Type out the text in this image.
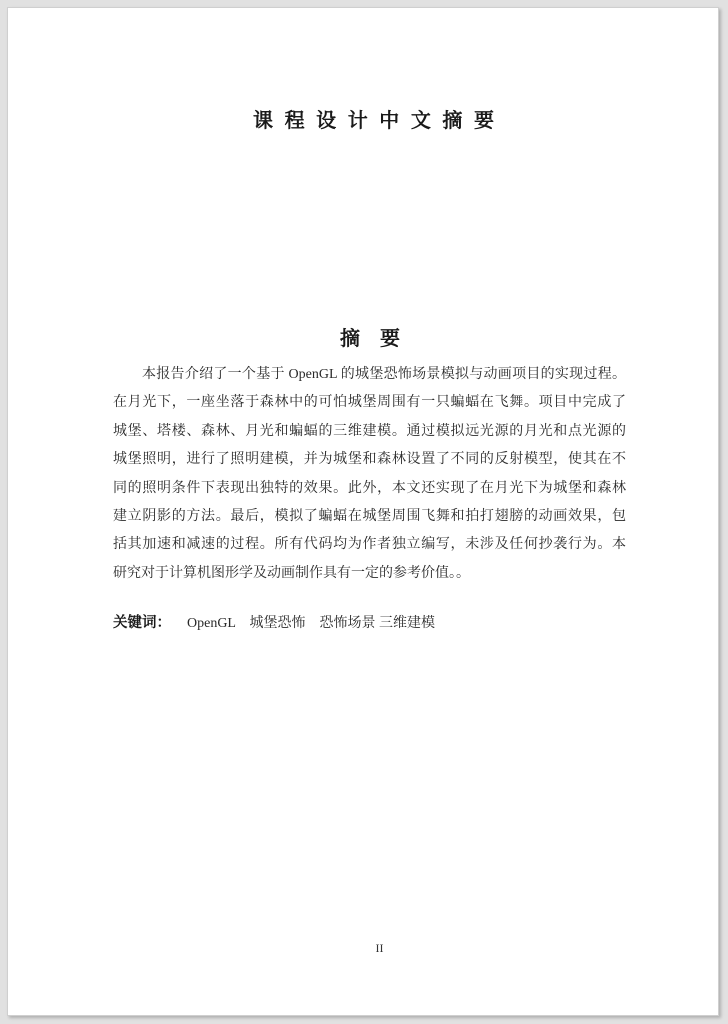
课 程 设 计 中 文 摘 要
摘　要
本报告介绍了一个基于 OpenGL 的城堡恐怖场景模拟与动画项目的实现过程。
在月光下，一座坐落于森林中的可怕城堡周围有一只蝙蝠在飞舞。项目中完成了
城堡、塔楼、森林、月光和蝙蝠的三维建模。通过模拟远光源的月光和点光源的
城堡照明，进行了照明建模，并为城堡和森林设置了不同的反射模型，使其在不
同的照明条件下表现出独特的效果。此外，本文还实现了在月光下为城堡和森林
建立阴影的方法。最后，模拟了蝙蝠在城堡周围飞舞和拍打翅膀的动画效果，包
括其加速和减速的过程。所有代码均为作者独立编写，未涉及任何抄袭行为。本
研究对于计算机图形学及动画制作具有一定的参考价值。。
关键词： OpenGL　城堡恐怖　恐怖场景 三维建模
II
